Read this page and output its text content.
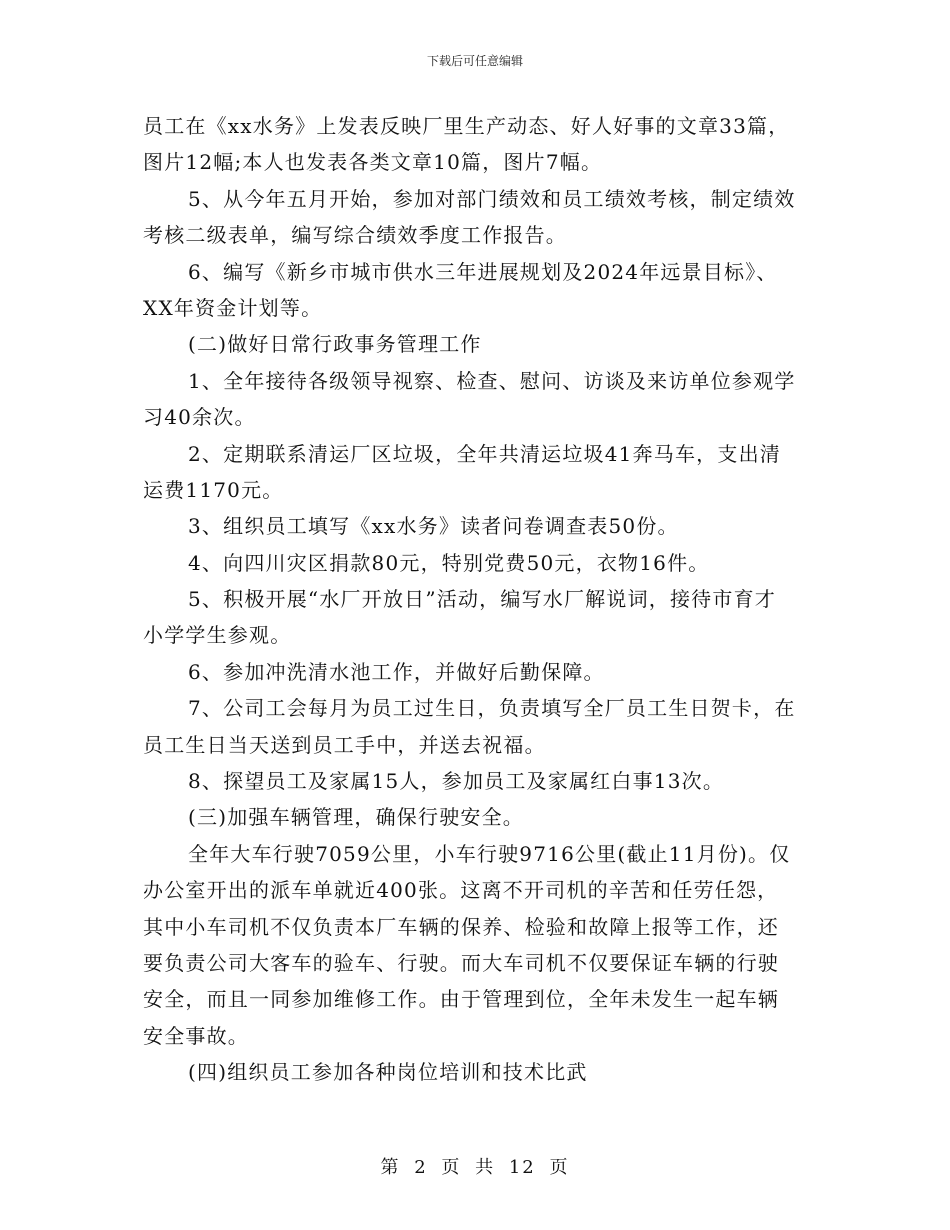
下载后可任意编辑
员工在《xx水务》上发表反映厂里生产动态、好人好事的文章33篇，
图片12幅;本人也发表各类文章10篇，图片7幅。
5、从今年五月开始，参加对部门绩效和员工绩效考核，制定绩效
考核二级表单，编写综合绩效季度工作报告。
6、编写《新乡市城市供水三年进展规划及2024年远景目标》、
XX年资金计划等。
(二)做好日常行政事务管理工作
1、全年接待各级领导视察、检查、慰问、访谈及来访单位参观学
习40余次。
2、定期联系清运厂区垃圾，全年共清运垃圾41奔马车，支出清
运费1170元。
3、组织员工填写《xx水务》读者问卷调查表50份。
4、向四川灾区捐款80元，特别党费50元，衣物16件。
5、积极开展“水厂开放日”活动，编写水厂解说词，接待市育才
小学学生参观。
6、参加冲洗清水池工作，并做好后勤保障。
7、公司工会每月为员工过生日，负责填写全厂员工生日贺卡，在
员工生日当天送到员工手中，并送去祝福。
8、探望员工及家属15人，参加员工及家属红白事13次。
(三)加强车辆管理，确保行驶安全。
全年大车行驶7059公里，小车行驶9716公里(截止11月份)。仅
办公室开出的派车单就近400张。这离不开司机的辛苦和任劳任怨，
其中小车司机不仅负责本厂车辆的保养、检验和故障上报等工作，还
要负责公司大客车的验车、行驶。而大车司机不仅要保证车辆的行驶
安全，而且一同参加维修工作。由于管理到位，全年未发生一起车辆
安全事故。
(四)组织员工参加各种岗位培训和技术比武
第 2 页 共 12 页
